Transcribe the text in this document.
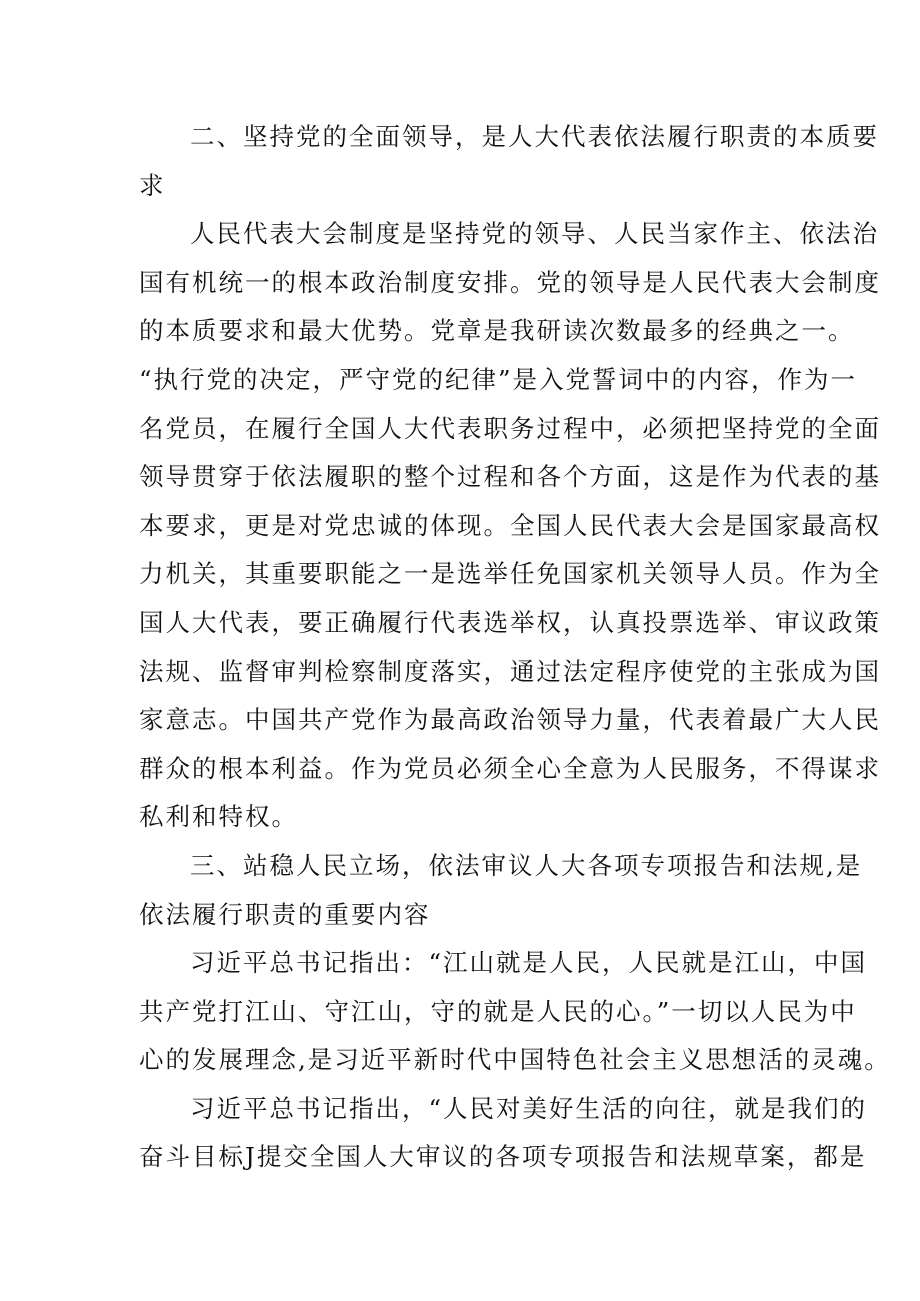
二、坚持党的全面领导，是人大代表依法履行职责的本质要
求
人民代表大会制度是坚持党的领导、人民当家作主、依法治
国有机统一的根本政治制度安排。党的领导是人民代表大会制度
的本质要求和最大优势。党章是我研读次数最多的经典之一。
“执行党的决定，严守党的纪律”是入党誓词中的内容，作为一
名党员，在履行全国人大代表职务过程中，必须把坚持党的全面
领导贯穿于依法履职的整个过程和各个方面，这是作为代表的基
本要求，更是对党忠诚的体现。全国人民代表大会是国家最高权
力机关，其重要职能之一是选举任免国家机关领导人员。作为全
国人大代表，要正确履行代表选举权，认真投票选举、审议政策
法规、监督审判检察制度落实，通过法定程序使党的主张成为国
家意志。中国共产党作为最高政治领导力量，代表着最广大人民
群众的根本利益。作为党员必须全心全意为人民服务，不得谋求
私利和特权。
三、站稳人民立场，依法审议人大各项专项报告和法规,是
依法履行职责的重要内容
习近平总书记指出：“江山就是人民，人民就是江山，中国
共产党打江山、守江山，守的就是人民的心。”一切以人民为中
心的发展理念,是习近平新时代中国特色社会主义思想活的灵魂。
习近平总书记指出，“人民对美好生活的向往，就是我们的
奋斗目标J提交全国人大审议的各项专项报告和法规草案，都是
